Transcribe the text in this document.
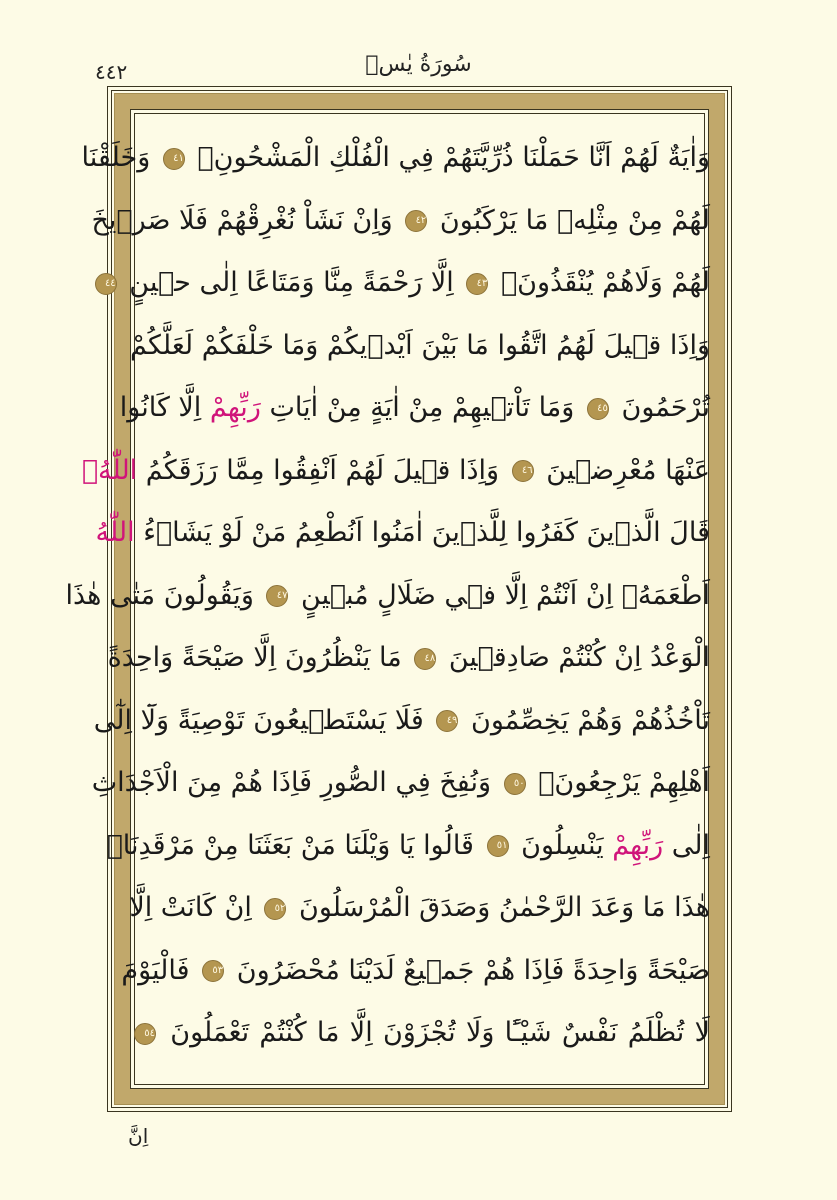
سُورَةُ يٰسۤ
٤٤٢
وَاٰيَةٌ لَهُمْ اَنَّا حَمَلْنَا ذُرِّيَّتَهُمْ فِي الْفُلْكِ الْمَشْحُونِۙ ٤١ وَخَلَقْنَا
لَهُمْ مِنْ مِثْلِه۪ مَا يَرْكَبُونَ ٤٢ وَاِنْ نَشَاْ نُغْرِقْهُمْ فَلَا صَر۪يخَ
لَهُمْ وَلَاهُمْ يُنْقَذُونَۙ ٤٣ اِلَّا رَحْمَةً مِنَّا وَمَتَاعًا اِلٰى ح۪ينٍ ٤٤
وَاِذَا ق۪يلَ لَهُمُ اتَّقُوا مَا بَيْنَ اَيْد۪يكُمْ وَمَا خَلْفَكُمْ لَعَلَّكُمْ
تُرْحَمُونَ ٤٥ وَمَا تَاْت۪يهِمْ مِنْ اٰيَةٍ مِنْ اٰيَاتِ رَبِّهِمْ اِلَّا كَانُوا
عَنْهَا مُعْرِض۪ينَ ٤٦ وَاِذَا ق۪يلَ لَهُمْ اَنْفِقُوا مِمَّا رَزَقَكُمُ اللّٰهُۙ
قَالَ الَّذ۪ينَ كَفَرُوا لِلَّذ۪ينَ اٰمَنُوا اَنُطْعِمُ مَنْ لَوْ يَشَاۤءُ اللّٰهُ
اَطْعَمَهُۗ اِنْ اَنْتُمْ اِلَّا ف۪ي ضَلَالٍ مُب۪ينٍ ٤٧ وَيَقُولُونَ مَتٰى هٰذَا
الْوَعْدُ اِنْ كُنْتُمْ صَادِق۪ينَ ٤٨ مَا يَنْظُرُونَ اِلَّا صَيْحَةً وَاحِدَةً
تَاْخُذُهُمْ وَهُمْ يَخِصِّمُونَ ٤٩ فَلَا يَسْتَط۪يعُونَ تَوْصِيَةً وَلَٓا اِلٰٓى
اَهْلِهِمْ يَرْجِعُونَ۟ ٥٠ وَنُفِخَ فِي الصُّورِ فَاِذَا هُمْ مِنَ الْاَجْدَاثِ
اِلٰى رَبِّهِمْ يَنْسِلُونَ ٥١ قَالُوا يَا وَيْلَنَا مَنْ بَعَثَنَا مِنْ مَرْقَدِنَاࣕ
هٰذَا مَا وَعَدَ الرَّحْمٰنُ وَصَدَقَ الْمُرْسَلُونَ ٥٢ اِنْ كَانَتْ اِلَّا
صَيْحَةً وَاحِدَةً فَاِذَا هُمْ جَم۪يعٌ لَدَيْنَا مُحْضَرُونَ ٥٣ فَالْيَوْمَ
لَا تُظْلَمُ نَفْسٌ شَيْـًٔا وَلَا تُجْزَوْنَ اِلَّا مَا كُنْتُمْ تَعْمَلُونَ ٥٤
اِنَّ
